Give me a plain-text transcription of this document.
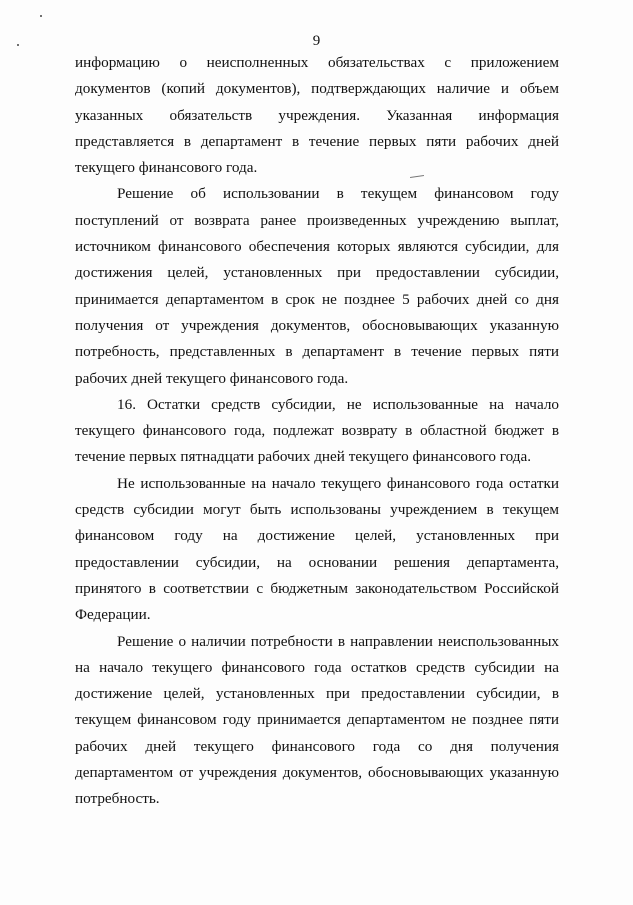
9

информацию о неисполненных обязательствах с приложением документов (копий документов), подтверждающих наличие и объем указанных обязательств учреждения. Указанная информация представляется в департамент в течение первых пяти рабочих дней текущего финансового года.

Решение об использовании в текущем финансовом году поступлений от возврата ранее произведенных учреждению выплат, источником финансового обеспечения которых являются субсидии, для достижения целей, установленных при предоставлении субсидии, принимается департаментом в срок не позднее 5 рабочих дней со дня получения от учреждения документов, обосновывающих указанную потребность, представленных в департамент в течение первых пяти рабочих дней текущего финансового года.

16. Остатки средств субсидии, не использованные на начало текущего финансового года, подлежат возврату в областной бюджет в течение первых пятнадцати рабочих дней текущего финансового года.

Не использованные на начало текущего финансового года остатки средств субсидии могут быть использованы учреждением в текущем финансовом году на достижение целей, установленных при предоставлении субсидии, на основании решения департамента, принятого в соответствии с бюджетным законодательством Российской Федерации.

Решение о наличии потребности в направлении неиспользованных на начало текущего финансового года остатков средств субсидии на достижение целей, установленных при предоставлении субсидии, в текущем финансовом году принимается департаментом не позднее пяти рабочих дней текущего финансового года со дня получения департаментом от учреждения документов, обосновывающих указанную потребность.
